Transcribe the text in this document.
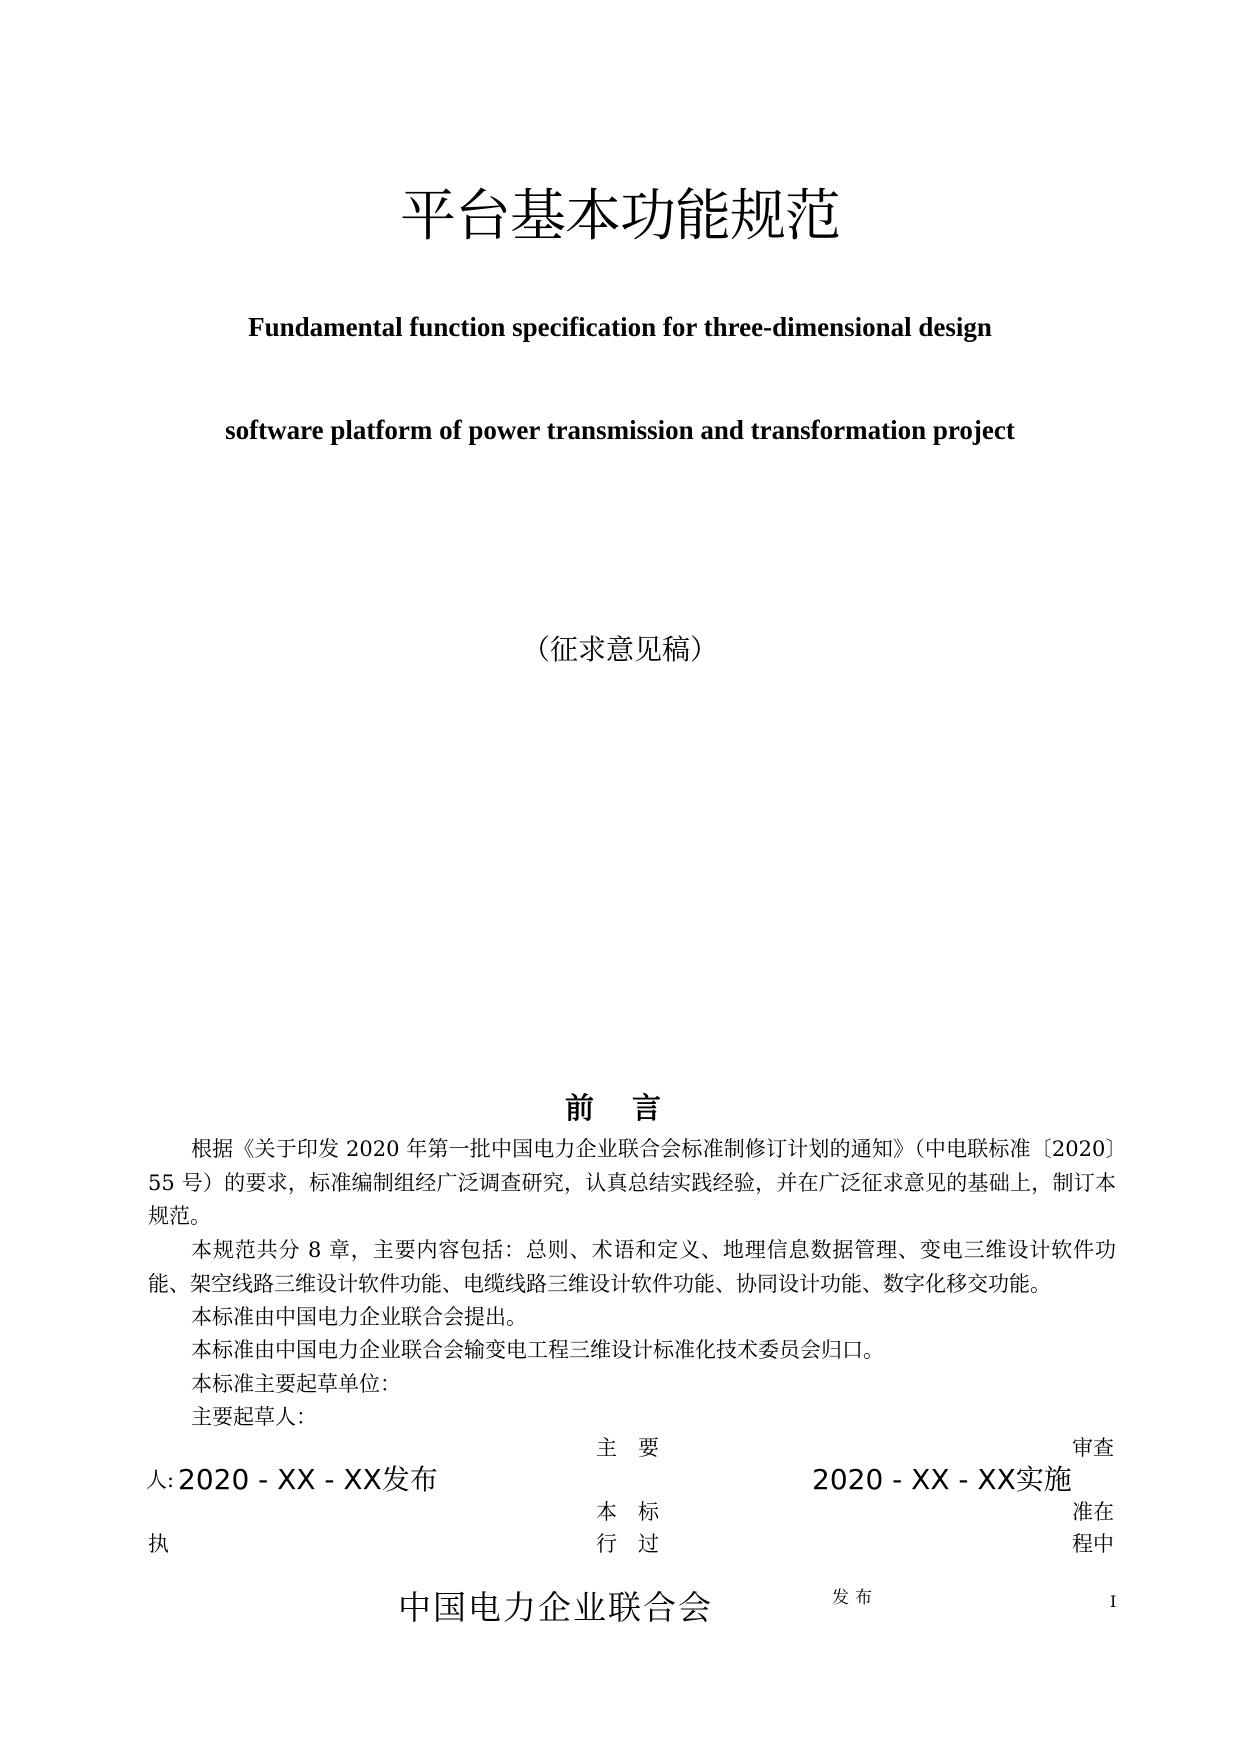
平台基本功能规范
Fundamental function specification for three-dimensional design
software platform of power transmission and transformation project
（征求意见稿）
前 言
根据《关于印发 2020 年第一批中国电力企业联合会标准制修订计划的通知》（中电联标准〔2020〕55 号）的要求，标准编制组经广泛调查研究，认真总结实践经验，并在广泛征求意见的基础上，制订本规范。
本规范共分 8 章，主要内容包括：总则、术语和定义、地理信息数据管理、变电三维设计软件功能、架空线路三维设计软件功能、电缆线路三维设计软件功能、协同设计功能、数字化移交功能。
本标准由中国电力企业联合会提出。
本标准由中国电力企业联合会输变电工程三维设计标准化技术委员会归口。
本标准主要起草单位：
主要起草人：
主　要	审查
人: 2020 - XX - XX发布	2020 - XX - XX实施
本　标	准在
执	行　过	程中
中国电力企业联合会	发布	I
